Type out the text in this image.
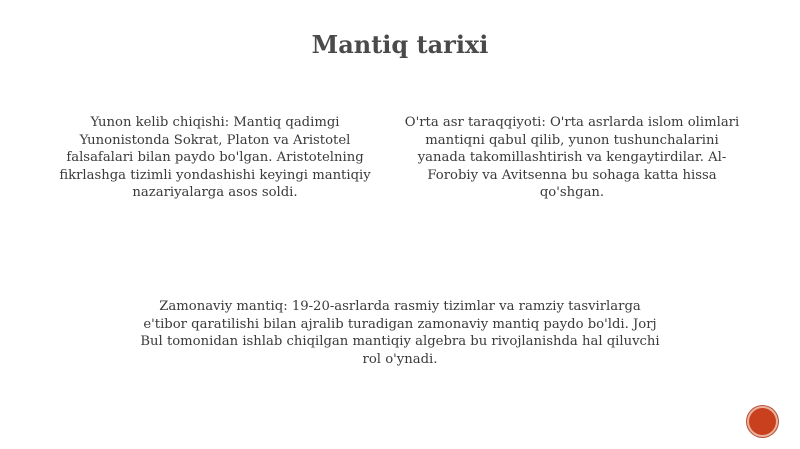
Mantiq tarixi

Yunon kelib chiqishi: Mantiq qadimgi Yunonistonda Sokrat, Platon va Aristotel falsafalari bilan paydo bo'lgan. Aristotelning fikrlashga tizimli yondashishi keyingi mantiqiy nazariyalarga asos soldi.

O'rta asr taraqqiyoti: O'rta asrlarda islom olimlari mantiqni qabul qilib, yunon tushunchalarini yanada takomillashtirish va kengaytirdilar. Al-Forobiy va Avitsenna bu sohaga katta hissa qo'shgan.

Zamonaviy mantiq: 19-20-asrlarda rasmiy tizimlar va ramziy tasvirlarga e'tibor qaratilishi bilan ajralib turadigan zamonaviy mantiq paydo bo'ldi. Jorj Bul tomonidan ishlab chiqilgan mantiqiy algebra bu rivojlanishda hal qiluvchi rol o'ynadi.
